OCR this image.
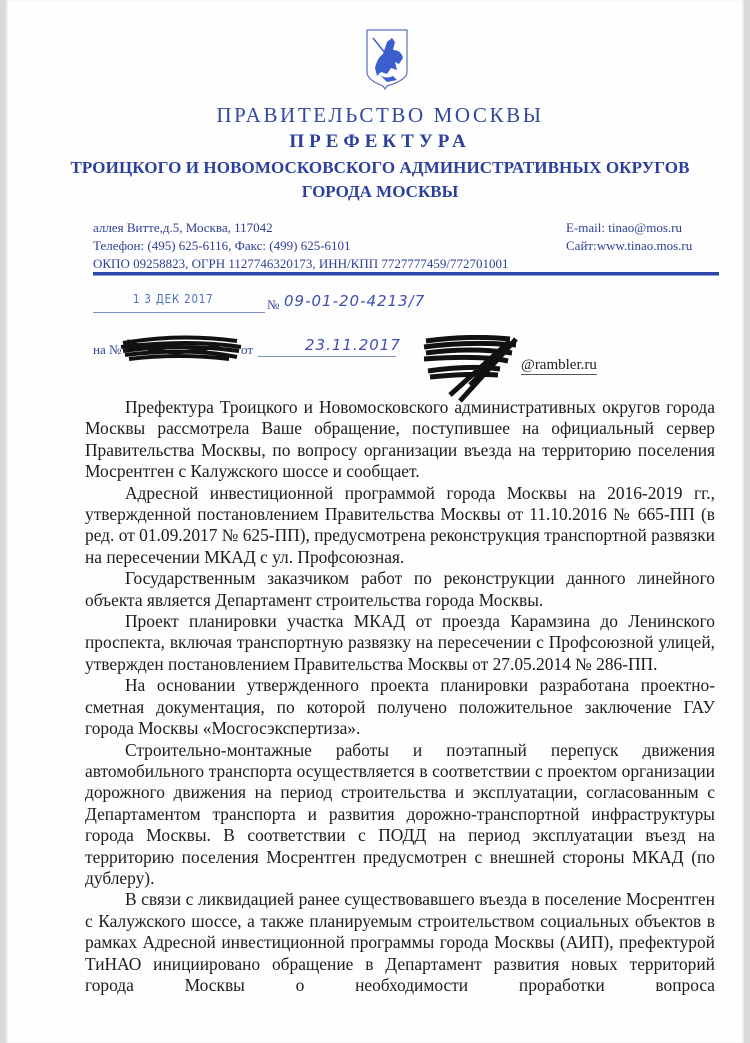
ПРАВИТЕЛЬСТВО МОСКВЫ
ПРЕФЕКТУРА
ТРОИЦКОГО И НОВОМОСКОВСКОГО АДМИНИСТРАТИВНЫХ ОКРУГОВ
ГОРОДА МОСКВЫ
аллея Витте,д.5, Москва, 117042
Телефон: (495) 625-6116, Факс: (499) 625-6101
ОКПО 09258823, ОГРН 1127746320173, ИНН/КПП 7727777459/772701001
E-mail: tinao@mos.ru
Сайт:www.tinao.mos.ru
1 3 ДЕК 2017	№ 09-01-20-4213/7
на №	от	23.11.2017
@rambler.ru

Префектура Троицкого и Новомосковского административных округов города Москвы рассмотрела Ваше обращение, поступившее на официальный сервер Правительства Москвы, по вопросу организации въезда на территорию поселения Мосрентген с Калужского шоссе и сообщает.

Адресной инвестиционной программой города Москвы на 2016-2019 гг., утвержденной постановлением Правительства Москвы от 11.10.2016 № 665-ПП (в ред. от 01.09.2017 № 625-ПП), предусмотрена реконструкция транспортной развязки на пересечении МКАД с ул. Профсоюзная.

Государственным заказчиком работ по реконструкции данного линейного объекта является Департамент строительства города Москвы.

Проект планировки участка МКАД от проезда Карамзина до Ленинского проспекта, включая транспортную развязку на пересечении с Профсоюзной улицей, утвержден постановлением Правительства Москвы от 27.05.2014 № 286-ПП.

На основании утвержденного проекта планировки разработана проектно-сметная документация, по которой получено положительное заключение ГАУ города Москвы «Мосгосэкспертиза».

Строительно-монтажные работы и поэтапный перепуск движения автомобильного транспорта осуществляется в соответствии с проектом организации дорожного движения на период строительства и эксплуатации, согласованным с Департаментом транспорта и развития дорожно-транспортной инфраструктуры города Москвы. В соответствии с ПОДД на период эксплуатации въезд на территорию поселения Мосрентген предусмотрен с внешней стороны МКАД (по дублеру).

В связи с ликвидацией ранее существовавшего въезда в поселение Мосрентген с Калужского шоссе, а также планируемым строительством социальных объектов в рамках Адресной инвестиционной программы города Москвы (АИП), префектурой ТиНАО инициировано обращение в Департамент развития новых территорий города Москвы о необходимости проработки вопроса
